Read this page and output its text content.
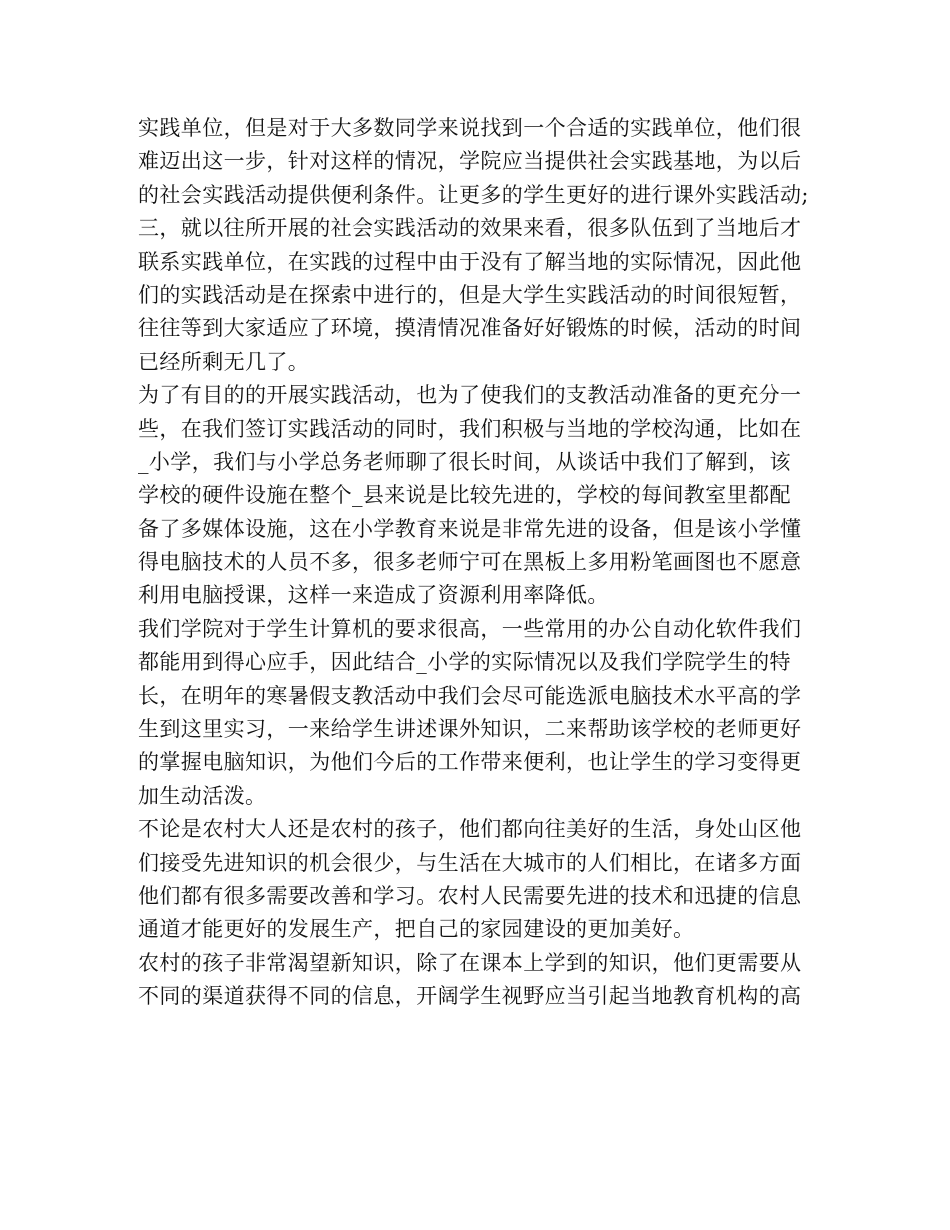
实践单位，但是对于大多数同学来说找到一个合适的实践单位，他们很
难迈出这一步，针对这样的情况，学院应当提供社会实践基地，为以后
的社会实践活动提供便利条件。让更多的学生更好的进行课外实践活动;
三，就以往所开展的社会实践活动的效果来看，很多队伍到了当地后才
联系实践单位，在实践的过程中由于没有了解当地的实际情况，因此他
们的实践活动是在探索中进行的，但是大学生实践活动的时间很短暂，
往往等到大家适应了环境，摸清情况准备好好锻炼的时候，活动的时间
已经所剩无几了。
为了有目的的开展实践活动，也为了使我们的支教活动准备的更充分一
些，在我们签订实践活动的同时，我们积极与当地的学校沟通，比如在
_小学，我们与小学总务老师聊了很长时间，从谈话中我们了解到，该
学校的硬件设施在整个_县来说是比较先进的，学校的每间教室里都配
备了多媒体设施，这在小学教育来说是非常先进的设备，但是该小学懂
得电脑技术的人员不多，很多老师宁可在黑板上多用粉笔画图也不愿意
利用电脑授课，这样一来造成了资源利用率降低。
我们学院对于学生计算机的要求很高，一些常用的办公自动化软件我们
都能用到得心应手，因此结合_小学的实际情况以及我们学院学生的特
长，在明年的寒暑假支教活动中我们会尽可能选派电脑技术水平高的学
生到这里实习，一来给学生讲述课外知识，二来帮助该学校的老师更好
的掌握电脑知识，为他们今后的工作带来便利，也让学生的学习变得更
加生动活泼。
不论是农村大人还是农村的孩子，他们都向往美好的生活，身处山区他
们接受先进知识的机会很少，与生活在大城市的人们相比，在诸多方面
他们都有很多需要改善和学习。农村人民需要先进的技术和迅捷的信息
通道才能更好的发展生产，把自己的家园建设的更加美好。
农村的孩子非常渴望新知识，除了在课本上学到的知识，他们更需要从
不同的渠道获得不同的信息，开阔学生视野应当引起当地教育机构的高
